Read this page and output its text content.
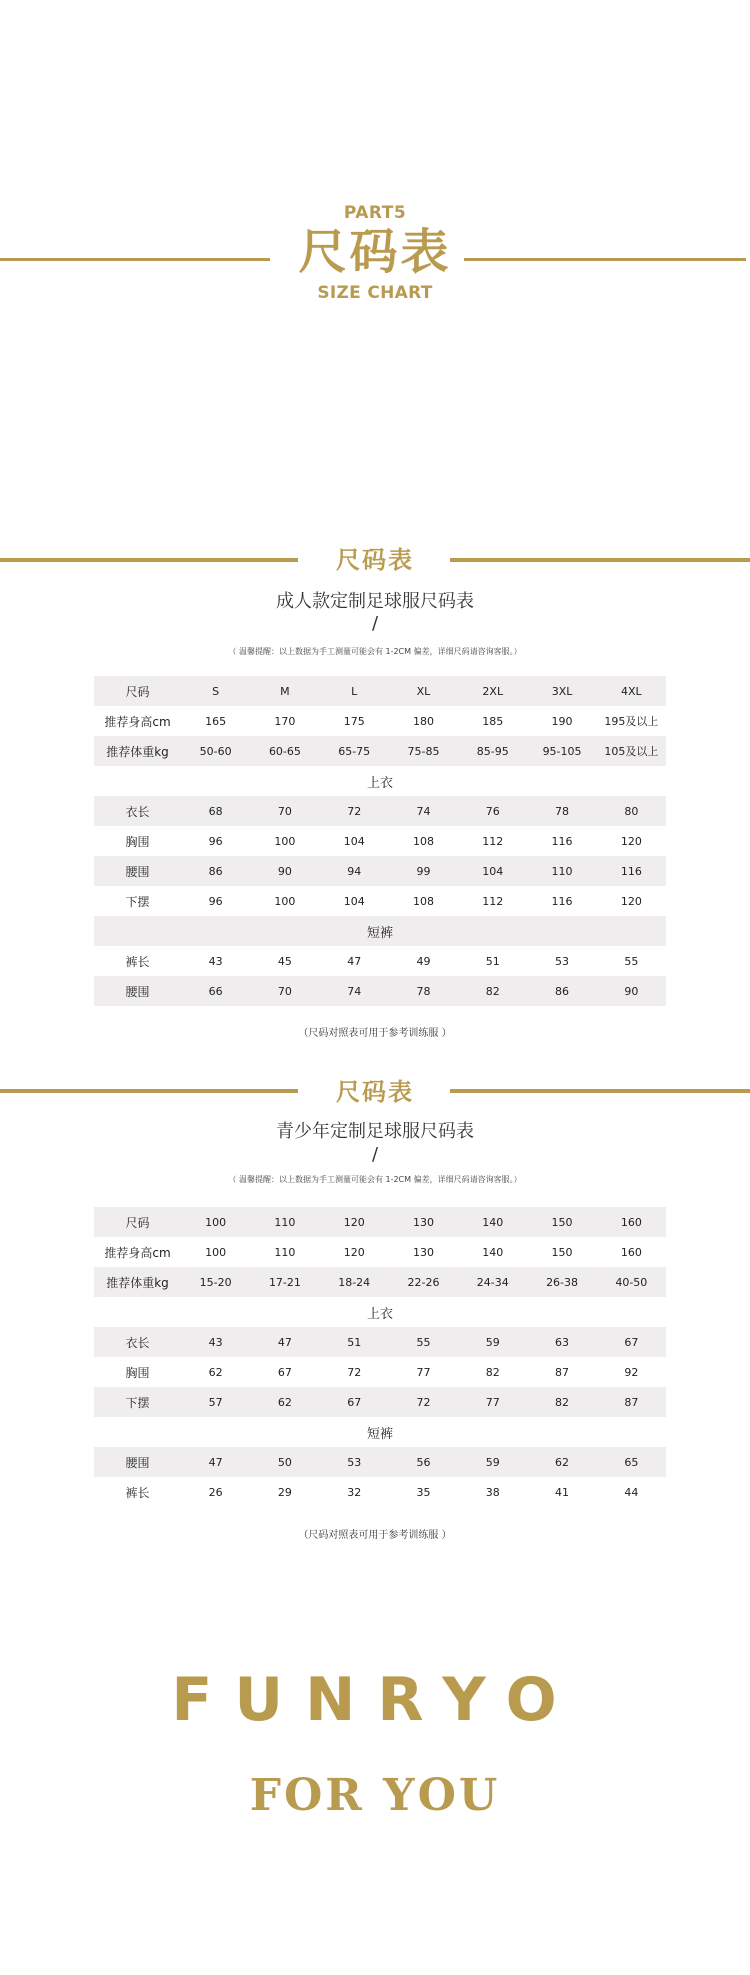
PART5
尺码表
SIZE CHART
尺码表
成人款定制足球服尺码表
/
（ 温馨提醒：以上数据为手工测量可能会有 1-2CM 偏差，详细尺码请咨询客服。）
尺码	S	M	L	XL	2XL	3XL	4XL
推荐身高cm	165	170	175	180	185	190	195及以上
推荐体重kg	50-60	60-65	65-75	75-85	85-95	95-105	105及以上
上衣
衣长	68	70	72	74	76	78	80
胸围	96	100	104	108	112	116	120
腰围	86	90	94	99	104	110	116
下摆	96	100	104	108	112	116	120
短裤
裤长	43	45	47	49	51	53	55
腰围	66	70	74	78	82	86	90
（尺码对照表可用于参考训练服 ）
尺码表
青少年定制足球服尺码表
/
（ 温馨提醒：以上数据为手工测量可能会有 1-2CM 偏差，详细尺码请咨询客服。）
尺码	100	110	120	130	140	150	160
推荐身高cm	100	110	120	130	140	150	160
推荐体重kg	15-20	17-21	18-24	22-26	24-34	26-38	40-50
上衣
衣长	43	47	51	55	59	63	67
胸围	62	67	72	77	82	87	92
下摆	57	62	67	72	77	82	87
短裤
腰围	47	50	53	56	59	62	65
裤长	26	29	32	35	38	41	44
（尺码对照表可用于参考训练服 ）
FUNRYO
FOR YOU
